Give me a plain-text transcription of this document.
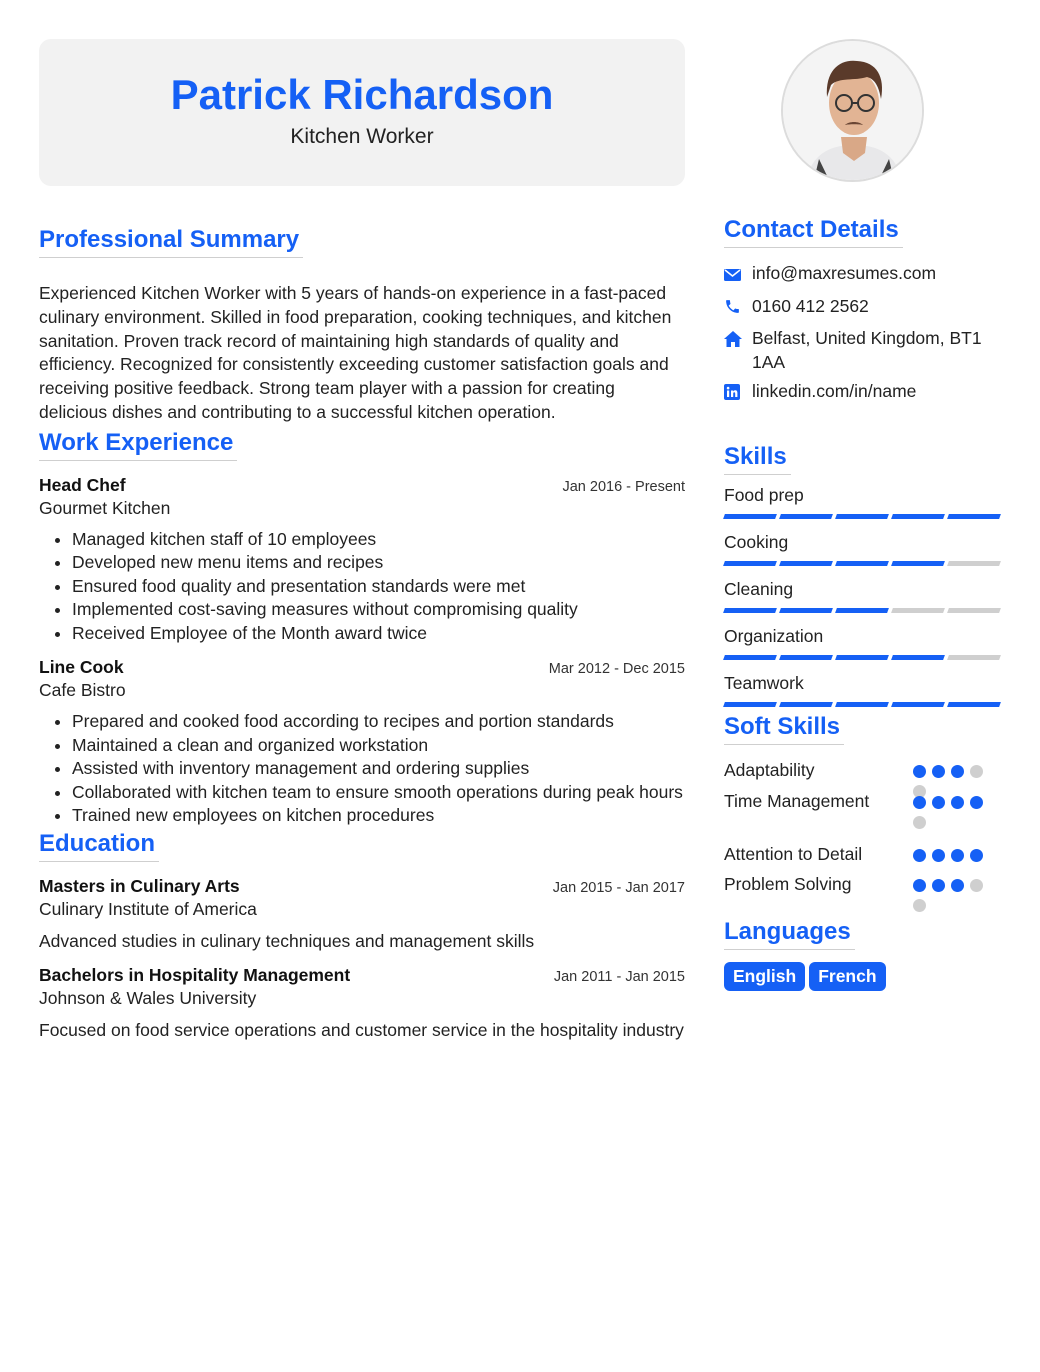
Patrick Richardson
Kitchen Worker
Professional Summary

Experienced Kitchen Worker with 5 years of hands-on experience in a fast-paced culinary environment. Skilled in food preparation, cooking techniques, and kitchen sanitation. Proven track record of maintaining high standards of quality and efficiency. Recognized for consistently exceeding customer satisfaction goals and receiving positive feedback. Strong team player with a passion for creating delicious dishes and contributing to a successful kitchen operation.

Work Experience
Head Chef	Jan 2016 - Present
Gourmet Kitchen
• Managed kitchen staff of 10 employees
• Developed new menu items and recipes
• Ensured food quality and presentation standards were met
• Implemented cost-saving measures without compromising quality
• Received Employee of the Month award twice
Line Cook	Mar 2012 - Dec 2015
Cafe Bistro
• Prepared and cooked food according to recipes and portion standards
• Maintained a clean and organized workstation
• Assisted with inventory management and ordering supplies
• Collaborated with kitchen team to ensure smooth operations during peak hours
• Trained new employees on kitchen procedures
Education
Masters in Culinary Arts	Jan 2015 - Jan 2017
Culinary Institute of America

Advanced studies in culinary techniques and management skills

Bachelors in Hospitality Management	Jan 2011 - Jan 2015
Johnson & Wales University

Focused on food service operations and customer service in the hospitality industry

Contact Details
info@maxresumes.com
0160 412 2562
Belfast, United Kingdom, BT1 1AA
linkedin.com/in/name
Skills
Food prep
Cooking
Cleaning
Organization
Teamwork
Soft Skills
Adaptability
Time Management
Attention to Detail
Problem Solving
Languages
English French
